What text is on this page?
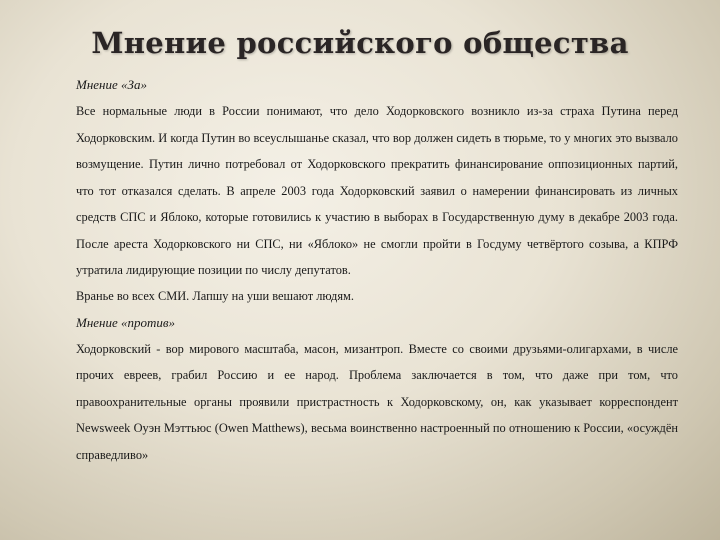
Мнение российского общества

Мнение «За»

Все нормальные люди в России понимают, что дело Ходорковского возникло из-за страха Путина перед Ходорковским. И когда Путин во всеуслышанье сказал, что вор должен сидеть в тюрьме, то у многих это вызвало возмущение. Путин лично потребовал от Ходорковского прекратить финансирование оппозиционных партий, что тот отказался сделать. В апреле 2003 года Ходорковский заявил о намерении финансировать из личных средств СПС и Яблоко, которые готовились к участию в выборах в Государственную думу в декабре 2003 года. После ареста Ходорковского ни СПС, ни «Яблоко» не смогли пройти в Госдуму четвёртого созыва, а КПРФ утратила лидирующие позиции по числу депутатов.

Вранье во всех СМИ. Лапшу на уши вешают людям.

Мнение «против»

Ходорковский - вор мирового масштаба, масон, мизантроп. Вместе со своими друзьями-олигархами, в числе прочих евреев, грабил Россию и ее народ. Проблема заключается в том, что даже при том, что правоохранительные органы проявили пристрастность к Ходорковскому, он, как указывает корреспондент Newsweek Оуэн Мэттьюс (Owen Matthews), весьма воинственно настроенный по отношению к России, «осуждён справедливо»
